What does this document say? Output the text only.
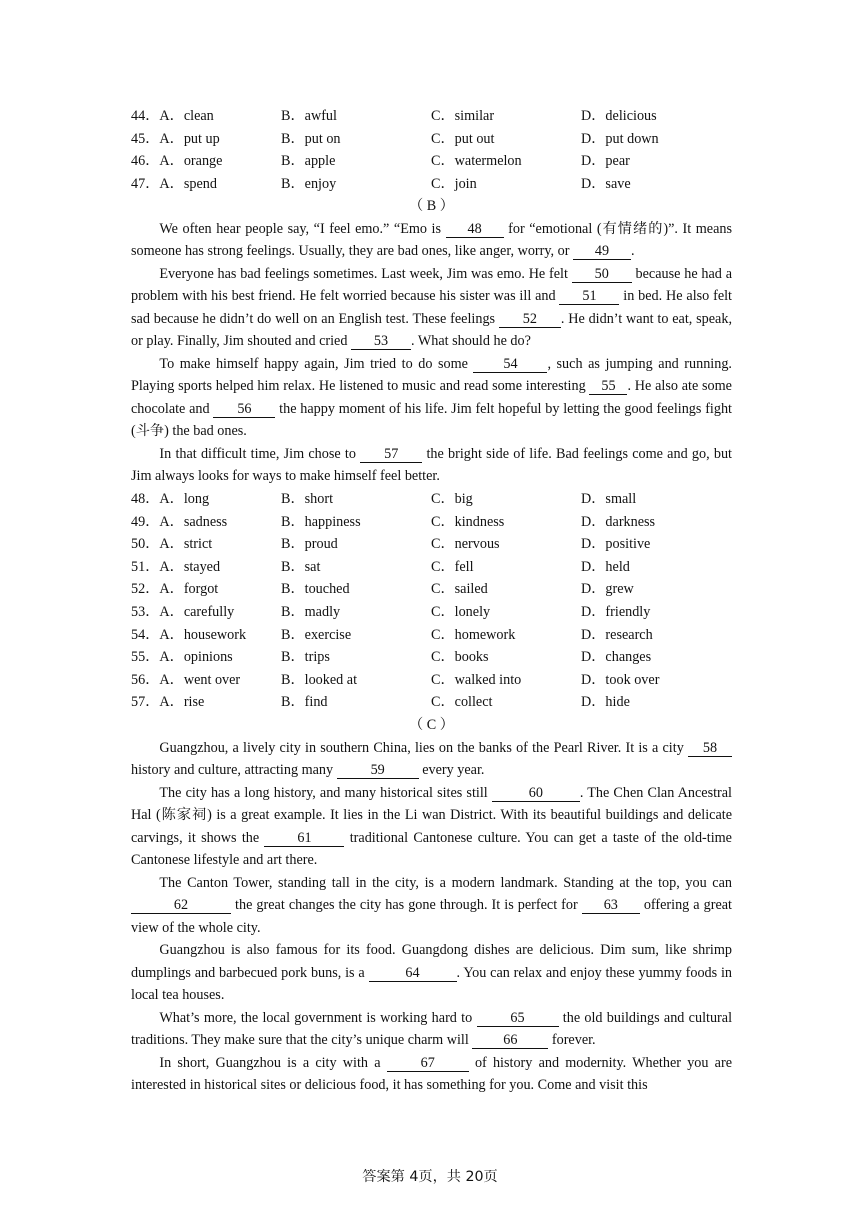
44．A．clean	B．awful	C．similar	D．delicious
45．A．put up	B．put on	C．put out	D．put down
46．A．orange	B．apple	C．watermelon	D．pear
47．A．spend	B．enjoy	C．join	D．save
（ B ）

We often hear people say, “I feel emo.” “Emo is 48 for “emotional (有情绪的)”. It means someone has strong feelings. Usually, they are bad ones, like anger, worry, or 49 .

Everyone has bad feelings sometimes. Last week, Jim was emo. He felt 50 because he had a problem with his best friend. He felt worried because his sister was ill and 51 in bed. He also felt sad because he didn’t do well on an English test. These feelings 52 . He didn’t want to eat, speak, or play. Finally, Jim shouted and cried 53 . What should he do?

To make himself happy again, Jim tried to do some 54 , such as jumping and running. Playing sports helped him relax. He listened to music and read some interesting 55 . He also ate some chocolate and 56 the happy moment of his life. Jim felt hopeful by letting the good feelings fight (斗争) the bad ones.

In that difficult time, Jim chose to 57 the bright side of life. Bad feelings come and go, but Jim always looks for ways to make himself feel better.

48．A．long	B．short	C．big	D．small
49．A．sadness	B．happiness	C．kindness	D．darkness
50．A．strict	B．proud	C．nervous	D．positive
51．A．stayed	B．sat	C．fell	D．held
52．A．forgot	B．touched	C．sailed	D．grew
53．A．carefully	B．madly	C．lonely	D．friendly
54．A．housework	B．exercise	C．homework	D．research
55．A．opinions	B．trips	C．books	D．changes
56．A．went over	B．looked at	C．walked into	D．took over
57．A．rise	B．find	C．collect	D．hide
（ C ）

Guangzhou, a lively city in southern China, lies on the banks of the Pearl River. It is a city 58 history and culture, attracting many 59 every year.

The city has a long history, and many historical sites still	60	. The Chen Clan Ancestral Hal (陈家祠) is a great example. It lies in the Li wan District. With its beautiful buildings and delicate carvings, it shows the 61 traditional Cantonese culture. You can get a taste of the old-time Cantonese lifestyle and art there.

The Canton Tower, standing tall in the city, is a modern landmark. Standing at the top, you can 62	the great changes the city has gone through. It is perfect for 63 offering a great view of the whole city.

Guangzhou is also famous for its food. Guangdong dishes are delicious. Dim sum, like shrimp dumplings and barbecued pork buns, is a	64	. You can relax and enjoy these yummy foods in local tea houses.

What’s more, the local government is working hard to 65 the old buildings and cultural traditions. They make sure that the city’s unique charm will 66 forever.

In short, Guangzhou is a city with a 67 of history and modernity. Whether you are interested in historical sites or delicious food, it has something for you. Come and visit this

答案第 4页，共 20页
